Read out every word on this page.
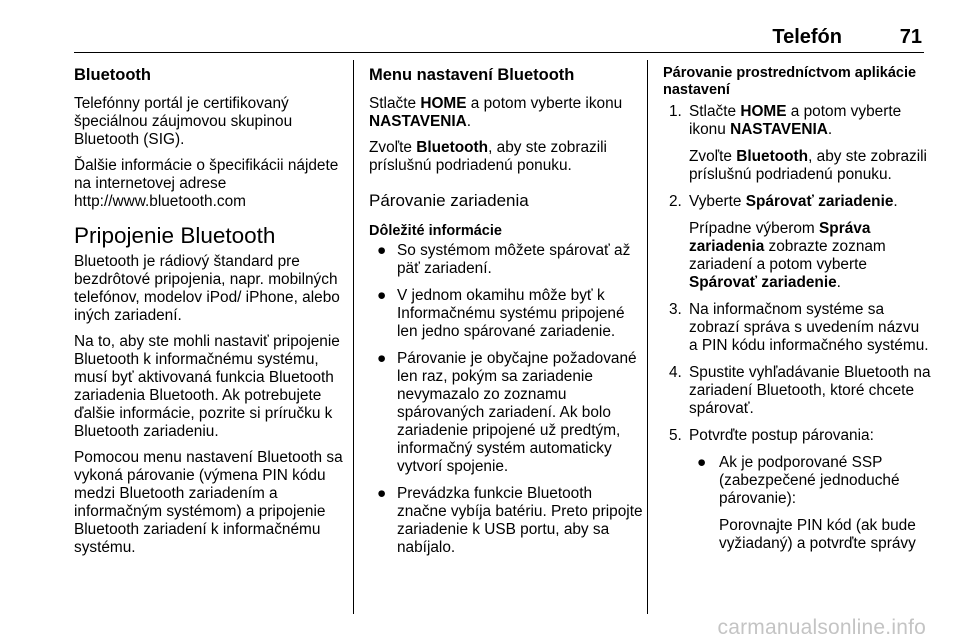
Telefón	71
Bluetooth

Telefónny portál je certifikovaný špeciálnou záujmovou skupinou Bluetooth (SIG).

Ďalšie informácie o špecifikácii nájdete na internetovej adrese http://www.bluetooth.com

Pripojenie Bluetooth

Bluetooth je rádiový štandard pre bezdrôtové pripojenia, napr. mobilných telefónov, modelov iPod/ iPhone, alebo iných zariadení.

Na to, aby ste mohli nastaviť pripojenie Bluetooth k informačnému systému, musí byť aktivovaná funkcia Bluetooth zariadenia Bluetooth. Ak potrebujete ďalšie informácie, pozrite si príručku k Bluetooth zariadeniu.

Pomocou menu nastavení Bluetooth sa vykoná párovanie (výmena PIN kódu medzi Bluetooth zariadením a informačným systémom) a pripojenie Bluetooth zariadení k informačnému systému.

Menu nastavení Bluetooth

Stlačte HOME a potom vyberte ikonu NASTAVENIA.

Zvoľte Bluetooth, aby ste zobrazili príslušnú podriadenú ponuku.

Párovanie zariadenia
Dôležité informácie
● So systémom môžete spárovať až päť zariadení.
● V jednom okamihu môže byť k Informačnému systému pripojené len jedno spárované zariadenie.
● Párovanie je obyčajne požadované len raz, pokým sa zariadenie nevymazalo zo zoznamu spárovaných zariadení. Ak bolo zariadenie pripojené už predtým, informačný systém automaticky vytvorí spojenie.
● Prevádzka funkcie Bluetooth značne vybíja batériu. Preto pripojte zariadenie k USB portu, aby sa nabíjalo.
Párovanie prostredníctvom aplikácie nastavení
1. Stlačte HOME a potom vyberte ikonu NASTAVENIA.
Zvoľte Bluetooth, aby ste zobrazili príslušnú podriadenú ponuku.
2. Vyberte Spárovať zariadenie.
Prípadne výberom Správa zariadenia zobrazte zoznam zariadení a potom vyberte Spárovať zariadenie.
3. Na informačnom systéme sa zobrazí správa s uvedením názvu a PIN kódu informačného systému.
4. Spustite vyhľadávanie Bluetooth na zariadení Bluetooth, ktoré chcete spárovať.
5. Potvrďte postup párovania:
● Ak je podporované SSP (zabezpečené jednoduché párovanie):
Porovnajte PIN kód (ak bude vyžiadaný) a potvrďte správy
carmanualsonline.info
